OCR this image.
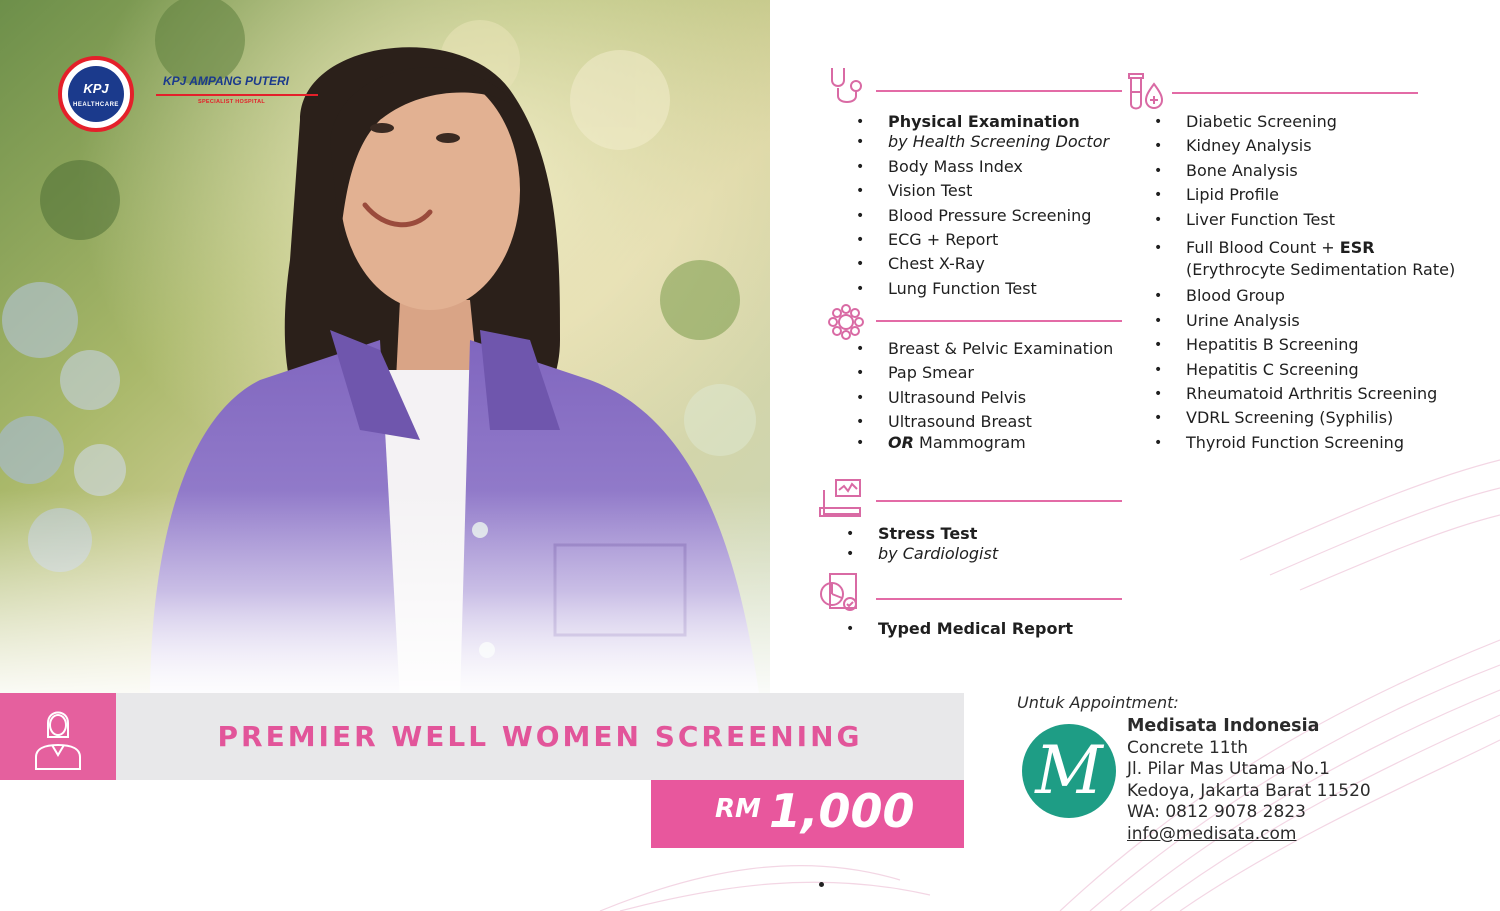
KPJ
HEALTHCARE
KPJ AMPANG PUTERI
SPECIALIST HOSPITAL
• Physical Examination
• by Health Screening Doctor
• Body Mass Index
• Vision Test
• Blood Pressure Screening
• ECG + Report
• Chest X-Ray
• Lung Function Test
• Breast & Pelvic Examination
• Pap Smear
• Ultrasound Pelvis
• Ultrasound Breast
• OR Mammogram
• Stress Test
• by Cardiologist
• Typed Medical Report
• Diabetic Screening
• Kidney Analysis
• Bone Analysis
• Lipid Profile
• Liver Function Test
• Full Blood Count + ESR
(Erythrocyte Sedimentation Rate)
• Blood Group
• Urine Analysis
• Hepatitis B Screening
• Hepatitis C Screening
• Rheumatoid Arthritis Screening
• VDRL Screening (Syphilis)
• Thyroid Function Screening
PREMIER WELL WOMEN SCREENING
RM 1,000
Untuk Appointment:
M
Medisata Indonesia
Concrete 11th
Jl. Pilar Mas Utama No.1
Kedoya, Jakarta Barat 11520
WA: 0812 9078 2823
info@medisata.com
